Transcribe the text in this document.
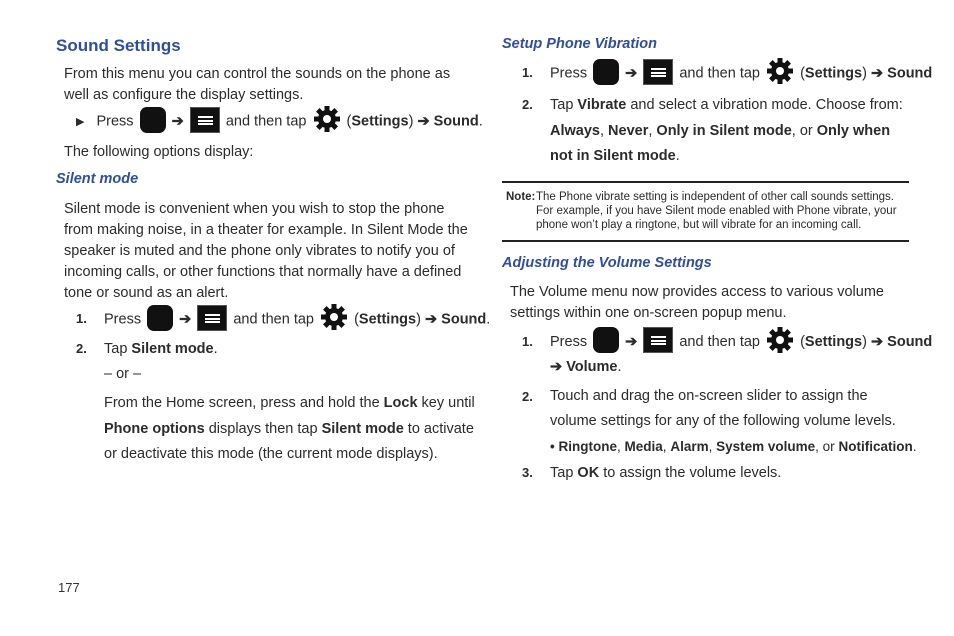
Sound Settings
From this menu you can control the sounds on the phone as well as configure the display settings.
▶ Press	➔	and then tap	(Settings) ➔ Sound.
The following options display:
Silent mode
Silent mode is convenient when you wish to stop the phone from making noise, in a theater for example. In Silent Mode the speaker is muted and the phone only vibrates to notify you of incoming calls, or other functions that normally have a defined tone or sound as an alert.
1. Press	➔	and then tap	(Settings) ➔ Sound.
2. Tap Silent mode.
– or –
From the Home screen, press and hold the Lock key until Phone options displays then tap Silent mode to activate or deactivate this mode (the current mode displays).
Setup Phone Vibration
1. Press	➔	and then tap	(Settings) ➔ Sound
2. Tap Vibrate and select a vibration mode. Choose from:
Always, Never, Only in Silent mode, or Only when not in Silent mode.
Note: The Phone vibrate setting is independent of other call sounds settings. For example, if you have Silent mode enabled with Phone vibrate, your phone won’t play a ringtone, but will vibrate for an incoming call.
Adjusting the Volume Settings
The Volume menu now provides access to various volume settings within one on-screen popup menu.
1. Press	➔	and then tap	(Settings) ➔ Sound
➔ Volume.
2. Touch and drag the on-screen slider to assign the volume settings for any of the following volume levels.
• Ringtone, Media, Alarm, System volume, or Notification.
3. Tap OK to assign the volume levels.
177
